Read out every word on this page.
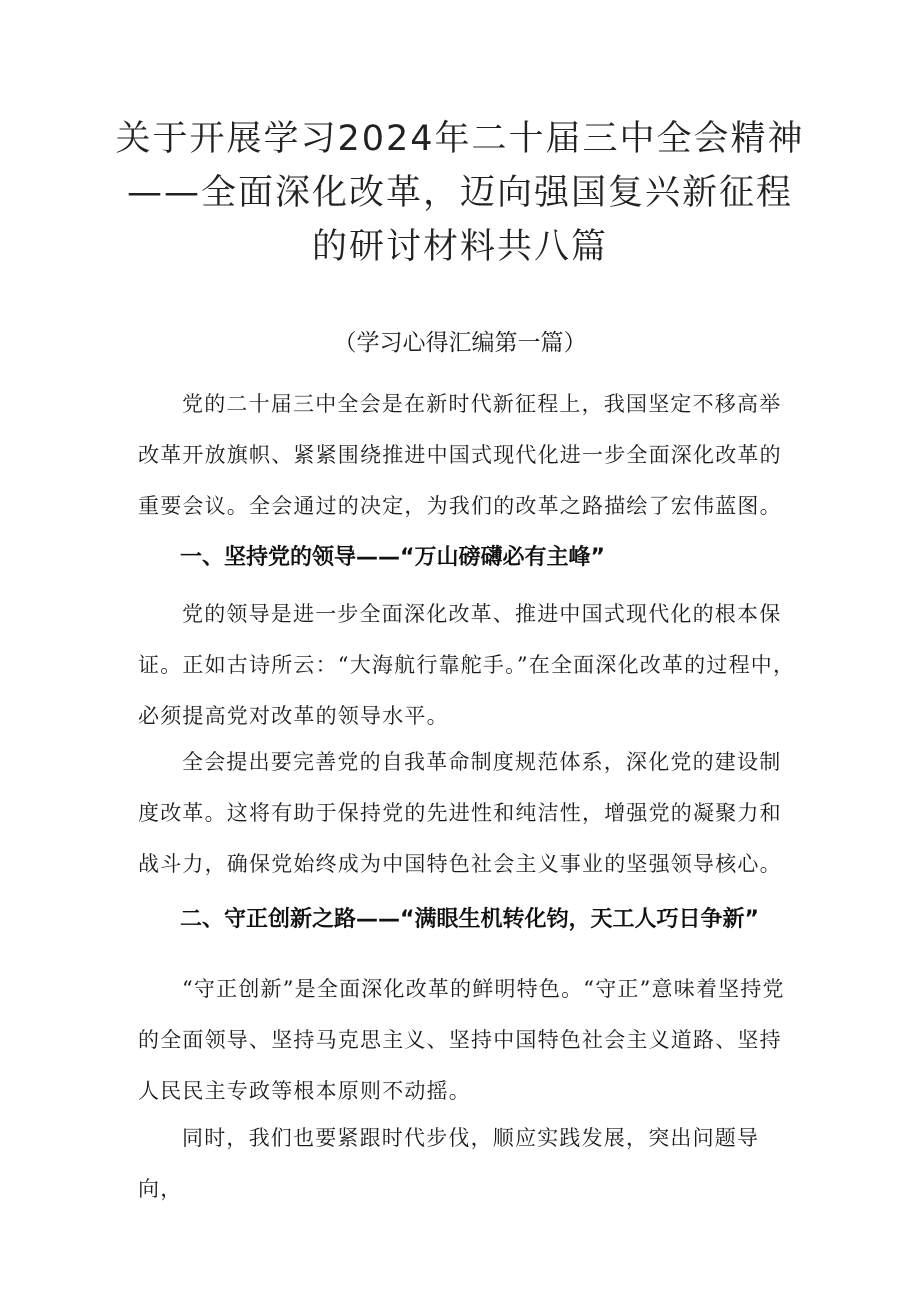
关于开展学习2024年二十届三中全会精神
——全面深化改革，迈向强国复兴新征程
的研讨材料共八篇

（学习心得汇编第一篇）

党的二十届三中全会是在新时代新征程上，我国坚定不移高举改革开放旗帜、紧紧围绕推进中国式现代化进一步全面深化改革的重要会议。全会通过的决定，为我们的改革之路描绘了宏伟蓝图。

一、坚持党的领导——“万山磅礴必有主峰”

党的领导是进一步全面深化改革、推进中国式现代化的根本保证。正如古诗所云：“大海航行靠舵手。”在全面深化改革的过程中，必须提高党对改革的领导水平。

全会提出要完善党的自我革命制度规范体系，深化党的建设制度改革。这将有助于保持党的先进性和纯洁性，增强党的凝聚力和战斗力，确保党始终成为中国特色社会主义事业的坚强领导核心。

二、守正创新之路——“满眼生机转化钧，天工人巧日争新”

“守正创新”是全面深化改革的鲜明特色。“守正”意味着坚持党的全面领导、坚持马克思主义、坚持中国特色社会主义道路、坚持人民民主专政等根本原则不动摇。

同时，我们也要紧跟时代步伐，顺应实践发展，突出问题导向，
